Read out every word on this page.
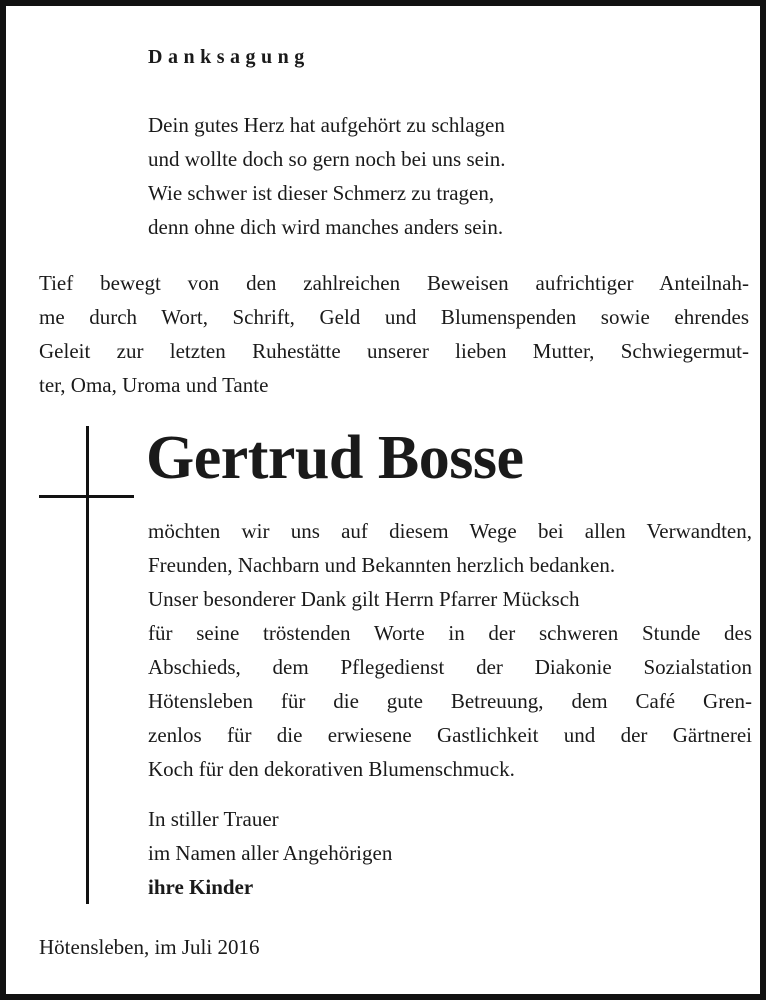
Danksagung
Dein gutes Herz hat aufgehört zu schlagen
und wollte doch so gern noch bei uns sein.
Wie schwer ist dieser Schmerz zu tragen,
denn ohne dich wird manches anders sein.
Tief bewegt von den zahlreichen Beweisen aufrichtiger Anteilnah-
me durch Wort, Schrift, Geld und Blumenspenden sowie ehrendes
Geleit zur letzten Ruhestätte unserer lieben Mutter, Schwiegermut-
ter, Oma, Uroma und Tante
Gertrud Bosse
möchten wir uns auf diesem Wege bei allen Verwandten,
Freunden, Nachbarn und Bekannten herzlich bedanken.
Unser besonderer Dank gilt Herrn Pfarrer Mücksch
für seine tröstenden Worte in der schweren Stunde des
Abschieds, dem Pflegedienst der Diakonie Sozialstation
Hötensleben für die gute Betreuung, dem Café Gren-
zenlos für die erwiesene Gastlichkeit und der Gärtnerei
Koch für den dekorativen Blumenschmuck.
In stiller Trauer
im Namen aller Angehörigen
ihre Kinder
Hötensleben, im Juli 2016
